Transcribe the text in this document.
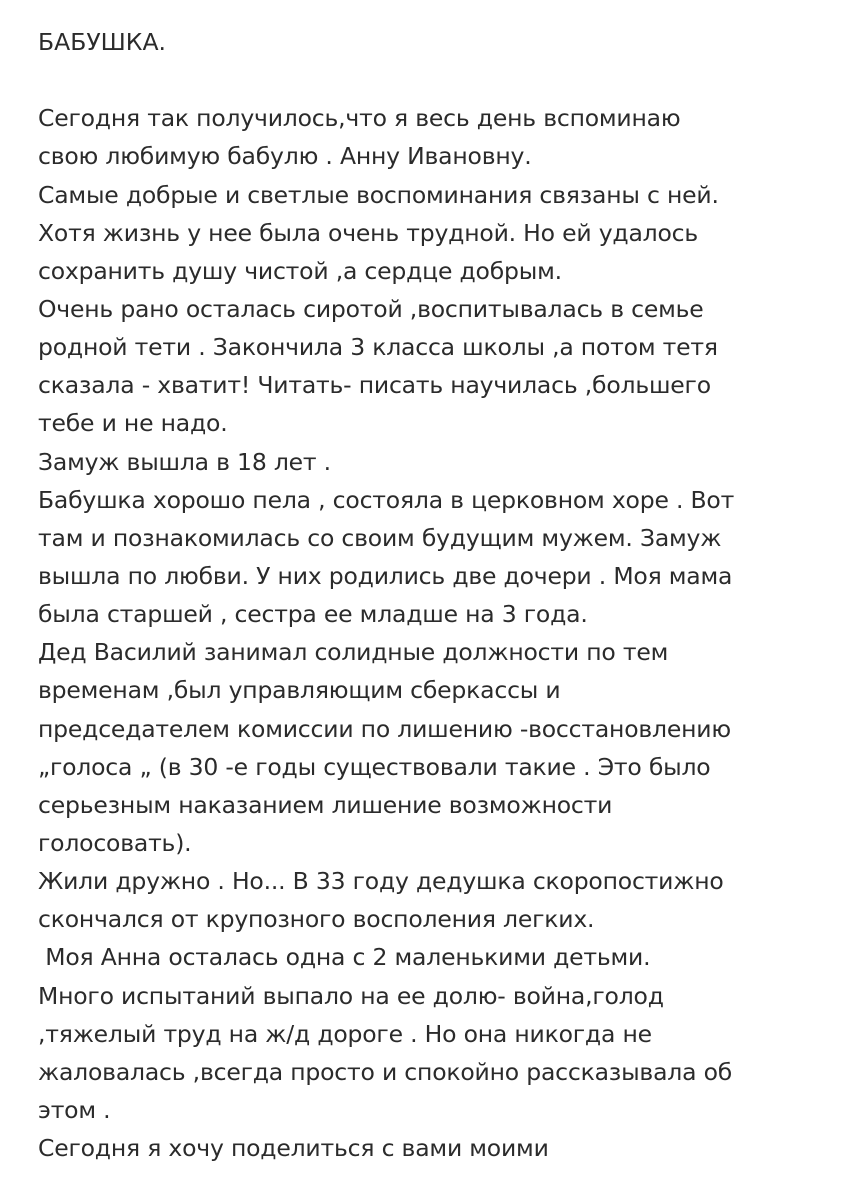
БАБУШКА.
Сегодня так получилось,что я весь день вспоминаю
свою любимую бабулю . Анну Ивановну.
Самые добрые и светлые воспоминания связаны с ней.
Хотя жизнь у нее была очень трудной. Но ей удалось
сохранить душу чистой ,а сердце добрым.
Очень рано осталась сиротой ,воспитывалась в семье
родной тети . Закончила 3 класса школы ,а потом тетя
сказала - хватит! Читать- писать научилась ,большего
тебе и не надо.
Замуж вышла в 18 лет .
Бабушка хорошо пела , состояла в церковном хоре . Вот
там и познакомилась со своим будущим мужем. Замуж
вышла по любви. У них родились две дочери . Моя мама
была старшей , сестра ее младше на 3 года.
Дед Василий занимал солидные должности по тем
временам ,был управляющим сберкассы и
председателем комиссии по лишению -восстановлению
„голоса „ (в 30 -е годы существовали такие . Это было
серьезным наказанием лишение возможности
голосовать).
Жили дружно . Но... В 33 году дедушка скоропостижно
скончался от крупозного восполения легких.
Моя Анна осталась одна с 2 маленькими детьми.
Много испытаний выпало на ее долю- война,голод
,тяжелый труд на ж/д дороге . Но она никогда не
жаловалась ,всегда просто и спокойно рассказывала об
этом .
Сегодня я хочу поделиться с вами моими
